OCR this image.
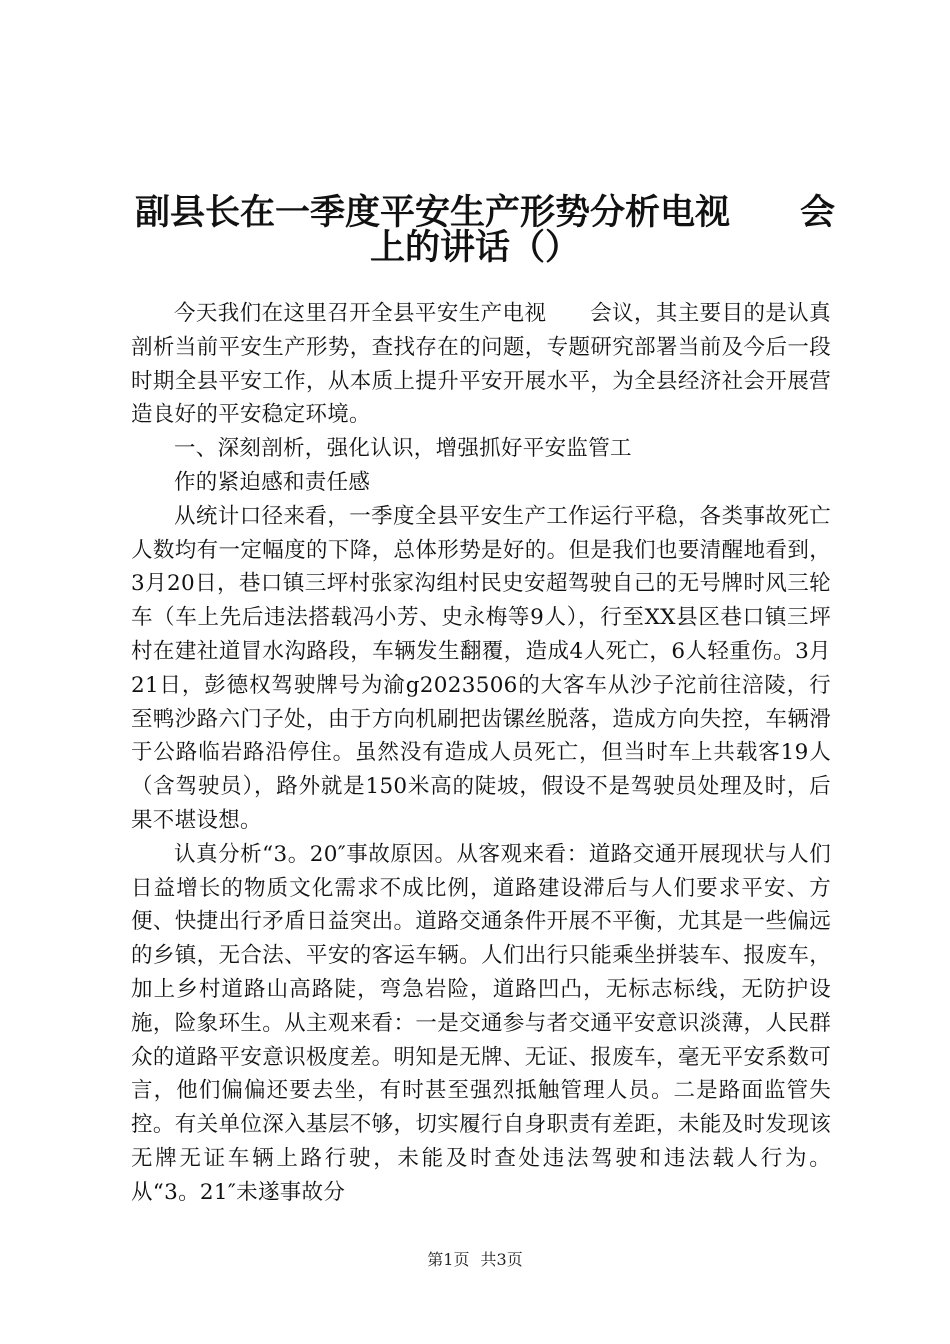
副县长在一季度平安生产形势分析电视　　会
上的讲话（）

今天我们在这里召开全县平安生产电视　　会议，其主要目的是认真剖析当前平安生产形势，查找存在的问题，专题研究部署当前及今后一段时期全县平安工作，从本质上提升平安开展水平，为全县经济社会开展营造良好的平安稳定环境。

一、深刻剖析，强化认识，增强抓好平安监管工

作的紧迫感和责任感

从统计口径来看，一季度全县平安生产工作运行平稳，各类事故死亡人数均有一定幅度的下降，总体形势是好的。但是我们也要清醒地看到，3月20日，巷口镇三坪村张家沟组村民史安超驾驶自己的无号牌时风三轮车（车上先后违法搭载冯小芳、史永梅等9人），行至XX县区巷口镇三坪村在建社道冒水沟路段，车辆发生翻覆，造成4人死亡，6人轻重伤。3月21日，彭德权驾驶牌号为渝g2023506的大客车从沙子沱前往涪陵，行至鸭沙路六门子处，由于方向机刷把齿镙丝脱落，造成方向失控，车辆滑于公路临岩路沿停住。虽然没有造成人员死亡，但当时车上共载客19人（含驾驶员），路外就是150米高的陡坡，假设不是驾驶员处理及时，后果不堪设想。

认真分析“3。20″事故原因。从客观来看：道路交通开展现状与人们日益增长的物质文化需求不成比例，道路建设滞后与人们要求平安、方便、快捷出行矛盾日益突出。道路交通条件开展不平衡，尤其是一些偏远的乡镇，无合法、平安的客运车辆。人们出行只能乘坐拼装车、报废车，加上乡村道路山高路陡，弯急岩险，道路凹凸，无标志标线，无防护设施，险象环生。从主观来看：一是交通参与者交通平安意识淡薄，人民群众的道路平安意识极度差。明知是无牌、无证、报废车，毫无平安系数可言，他们偏偏还要去坐，有时甚至强烈抵触管理人员。二是路面监管失控。有关单位深入基层不够，切实履行自身职责有差距，未能及时发现该无牌无证车辆上路行驶，未能及时查处违法驾驶和违法载人行为。从“3。21″未遂事故分

第1页 共3页
